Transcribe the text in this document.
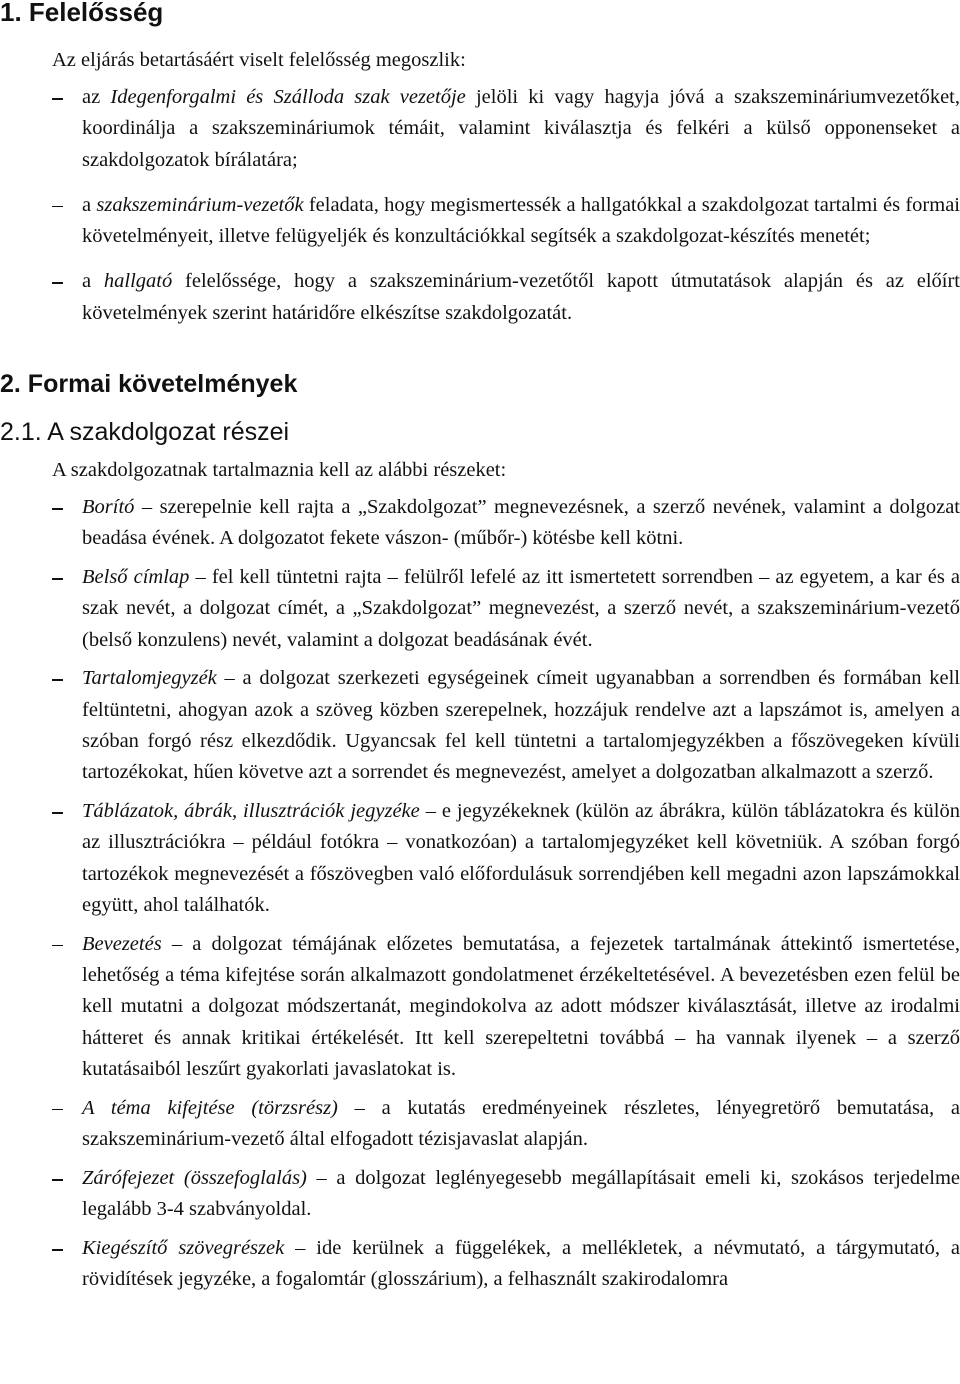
1. Felelősség

Az eljárás betartásáért viselt felelősség megoszlik:

az Idegenforgalmi és Szálloda szak vezetője jelöli ki vagy hagyja jóvá a szakszemináriumvezetőket, koordinálja a szakszemináriumok témáit, valamint kiválasztja és felkéri a külső opponenseket a szakdolgozatok bírálatára;
a szakszeminárium-vezetők feladata, hogy megismertessék a hallgatókkal a szakdolgozat tartalmi és formai követelményeit, illetve felügyeljék és konzultációkkal segítsék a szakdolgozat-készítés menetét;
a hallgató felelőssége, hogy a szakszeminárium-vezetőtől kapott útmutatások alapján és az előírt követelmények szerint határidőre elkészítse szakdolgozatát.
2. Formai követelmények
2.1. A szakdolgozat részei

A szakdolgozatnak tartalmaznia kell az alábbi részeket:

Borító – szerepelnie kell rajta a „Szakdolgozat” megnevezésnek, a szerző nevének, valamint a dolgozat beadása évének. A dolgozatot fekete vászon- (műbőr-) kötésbe kell kötni.
Belső címlap – fel kell tüntetni rajta – felülről lefelé az itt ismertetett sorrendben – az egyetem, a kar és a szak nevét, a dolgozat címét, a „Szakdolgozat” megnevezést, a szerző nevét, a szakszeminárium-vezető (belső konzulens) nevét, valamint a dolgozat beadásának évét.
Tartalomjegyzék – a dolgozat szerkezeti egységeinek címeit ugyanabban a sorrendben és formában kell feltüntetni, ahogyan azok a szöveg közben szerepelnek, hozzájuk rendelve azt a lapszámot is, amelyen a szóban forgó rész elkezdődik. Ugyancsak fel kell tüntetni a tartalomjegyzékben a főszövegeken kívüli tartozékokat, hűen követve azt a sorrendet és megnevezést, amelyet a dolgozatban alkalmazott a szerző.
Táblázatok, ábrák, illusztrációk jegyzéke – e jegyzékeknek (külön az ábrákra, külön táblázatokra és külön az illusztrációkra – például fotókra – vonatkozóan) a tartalomjegyzéket kell követniük. A szóban forgó tartozékok megnevezését a főszövegben való előfordulásuk sorrendjében kell megadni azon lapszámokkal együtt, ahol találhatók.
Bevezetés – a dolgozat témájának előzetes bemutatása, a fejezetek tartalmának áttekintő ismertetése, lehetőség a téma kifejtése során alkalmazott gondolatmenet érzékeltetésével. A bevezetésben ezen felül be kell mutatni a dolgozat módszertanát, megindokolva az adott módszer kiválasztását, illetve az irodalmi hátteret és annak kritikai értékelését. Itt kell szerepeltetni továbbá – ha vannak ilyenek – a szerző kutatásaiból leszűrt gyakorlati javaslatokat is.
A téma kifejtése (törzsrész) – a kutatás eredményeinek részletes, lényegretörő bemutatása, a szakszeminárium-vezető által elfogadott tézisjavaslat alapján.
Zárófejezet (összefoglalás) – a dolgozat leglényegesebb megállapításait emeli ki, szokásos terjedelme legalább 3-4 szabványoldal.
Kiegészítő szövegrészek – ide kerülnek a függelékek, a mellékletek, a névmutató, a tárgymutató, a rövidítések jegyzéke, a fogalomtár (glosszárium), a felhasznált szakirodalomra
